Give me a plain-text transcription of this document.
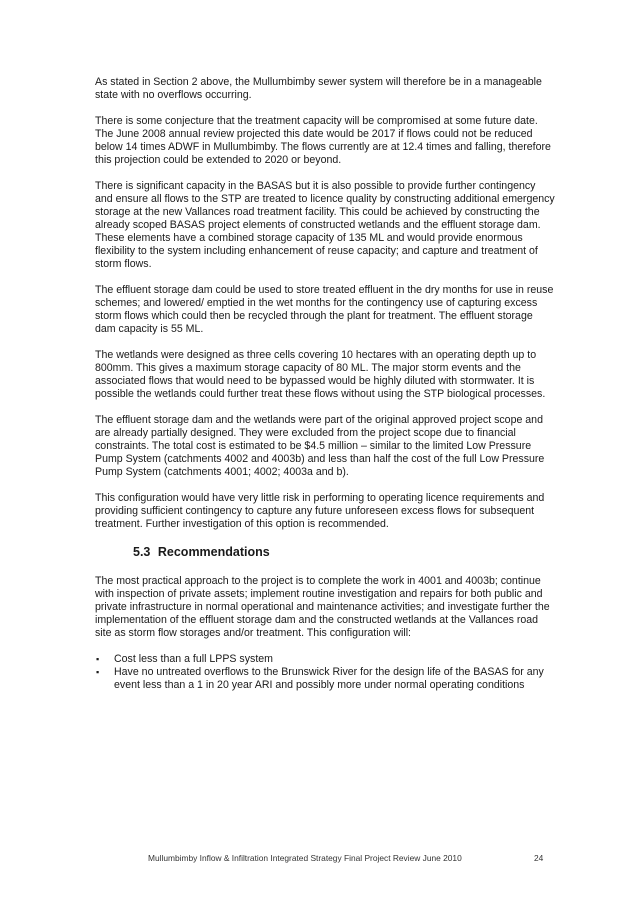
As stated in Section 2 above, the Mullumbimby sewer system will therefore be in a manageable state with no overflows occurring.

There is some conjecture that the treatment capacity will be compromised at some future date. The June 2008 annual review projected this date would be 2017 if flows could not be reduced below 14 times ADWF in Mullumbimby. The flows currently are at 12.4 times and falling, therefore this projection could be extended to 2020 or beyond.

There is significant capacity in the BASAS but it is also possible to provide further contingency and ensure all flows to the STP are treated to licence quality by constructing additional emergency storage at the new Vallances road treatment facility. This could be achieved by constructing the already scoped BASAS project elements of constructed wetlands and the effluent storage dam. These elements have a combined storage capacity of 135 ML and would provide enormous flexibility to the system including enhancement of reuse capacity; and capture and treatment of storm flows.

The effluent storage dam could be used to store treated effluent in the dry months for use in reuse schemes; and lowered/ emptied in the wet months for the contingency use of capturing excess storm flows which could then be recycled through the plant for treatment. The effluent storage dam capacity is 55 ML.

The wetlands were designed as three cells covering 10 hectares with an operating depth up to 800mm. This gives a maximum storage capacity of 80 ML. The major storm events and the associated flows that would need to be bypassed would be highly diluted with stormwater. It is possible the wetlands could further treat these flows without using the STP biological processes.

The effluent storage dam and the wetlands were part of the original approved project scope and are already partially designed. They were excluded from the project scope due to financial constraints. The total cost is estimated to be $4.5 million – similar to the limited Low Pressure Pump System (catchments 4002 and 4003b) and less than half the cost of the full Low Pressure Pump System (catchments 4001; 4002; 4003a and b).

This configuration would have very little risk in performing to operating licence requirements and providing sufficient contingency to capture any future unforeseen excess flows for subsequent treatment. Further investigation of this option is recommended.

5.3 Recommendations

The most practical approach to the project is to complete the work in 4001 and 4003b; continue with inspection of private assets; implement routine investigation and repairs for both public and private infrastructure in normal operational and maintenance activities; and investigate further the implementation of the effluent storage dam and the constructed wetlands at the Vallances road site as storm flow storages and/or treatment. This configuration will:

▪ Cost less than a full LPPS system
▪ Have no untreated overflows to the Brunswick River for the design life of the BASAS for any event less than a 1 in 20 year ARI and possibly more under normal operating conditions
Mullumbimby Inflow & Infiltration Integrated Strategy Final Project Review June 2010	24
